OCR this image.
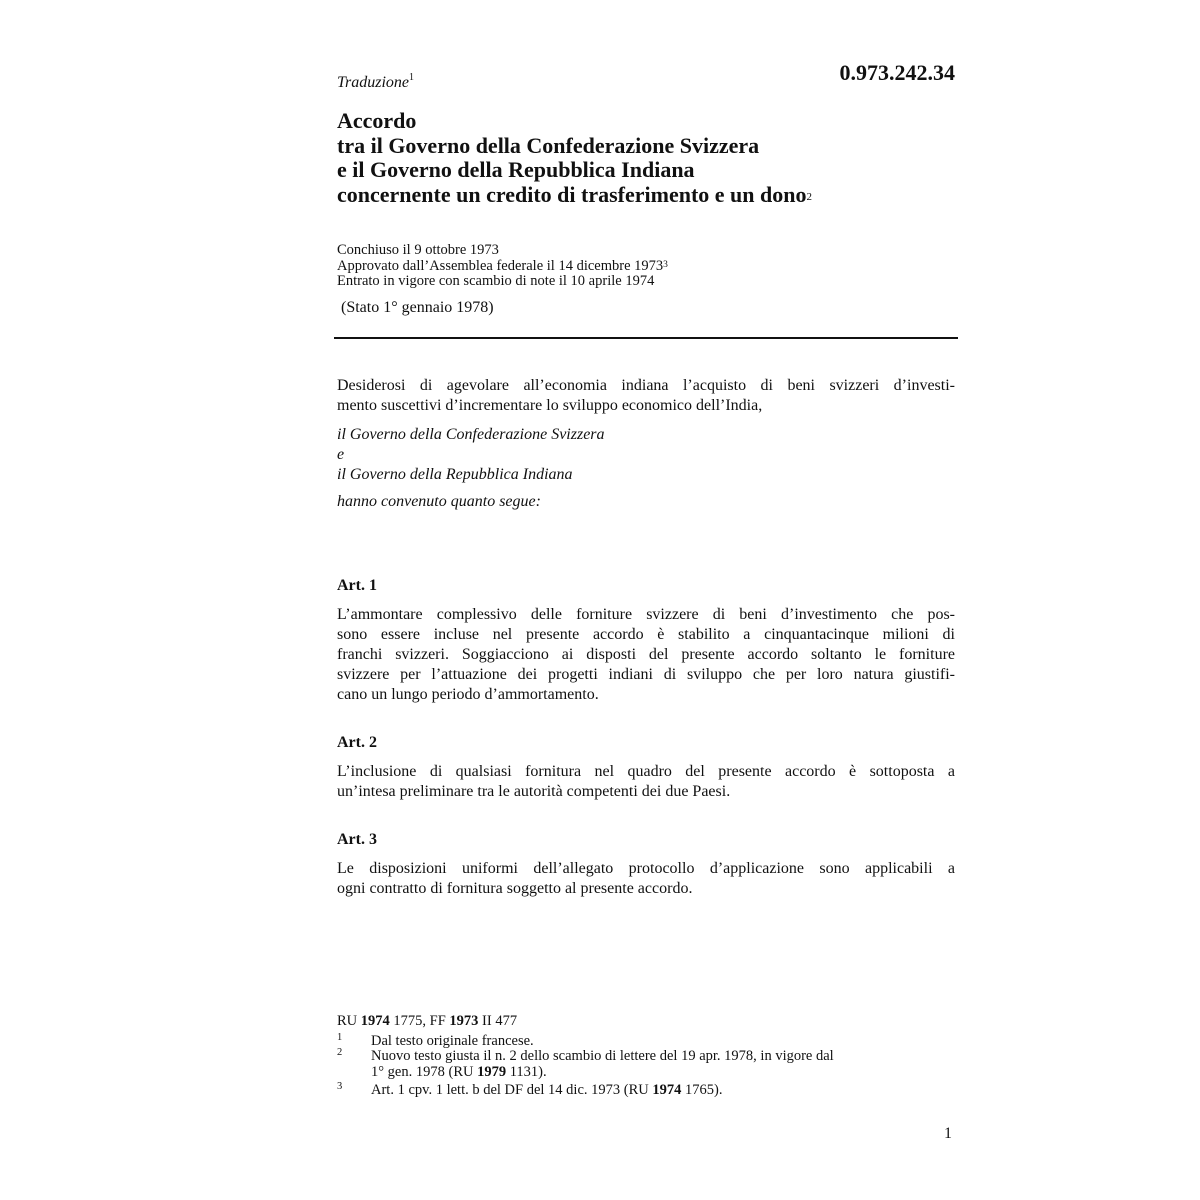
Traduzione$^1$	0.973.242.34
Accordo
tra il Governo della Confederazione Svizzera
e il Governo della Repubblica Indiana
concernente un credito di trasferimento e un dono$^2$
Conchiuso il 9 ottobre 1973
Approvato dall’Assemblea federale il 14 dicembre 1973$^3$
Entrato in vigore con scambio di note il 10 aprile 1974
(Stato 1° gennaio 1978)
Desiderosi di agevolare all’economia indiana l’acquisto di beni svizzeri d’investi-
mento suscettivi d’incrementare lo sviluppo economico dell’India,
il Governo della Confederazione Svizzera
e
il Governo della Repubblica Indiana
hanno convenuto quanto segue:
Art. 1
L’ammontare complessivo delle forniture svizzere di beni d’investimento che pos-
sono essere incluse nel presente accordo è stabilito a cinquantacinque milioni di
franchi svizzeri. Soggiacciono ai disposti del presente accordo soltanto le forniture
svizzere per l’attuazione dei progetti indiani di sviluppo che per loro natura giustifi-
cano un lungo periodo d’ammortamento.
Art. 2
L’inclusione di qualsiasi fornitura nel quadro del presente accordo è sottoposta a
un’intesa preliminare tra le autorità competenti dei due Paesi.
Art. 3
Le disposizioni uniformi dell’allegato protocollo d’applicazione sono applicabili a
ogni contratto di fornitura soggetto al presente accordo.
RU 1974 1775, FF 1973 II 477
1 Dal testo originale francese.
2 Nuovo testo giusta il n. 2 dello scambio di lettere del 19 apr. 1978, in vigore dal
1° gen. 1978 (RU 1979 1131).
3 Art. 1 cpv. 1 lett. b del DF del 14 dic. 1973 (RU 1974 1765).
1
